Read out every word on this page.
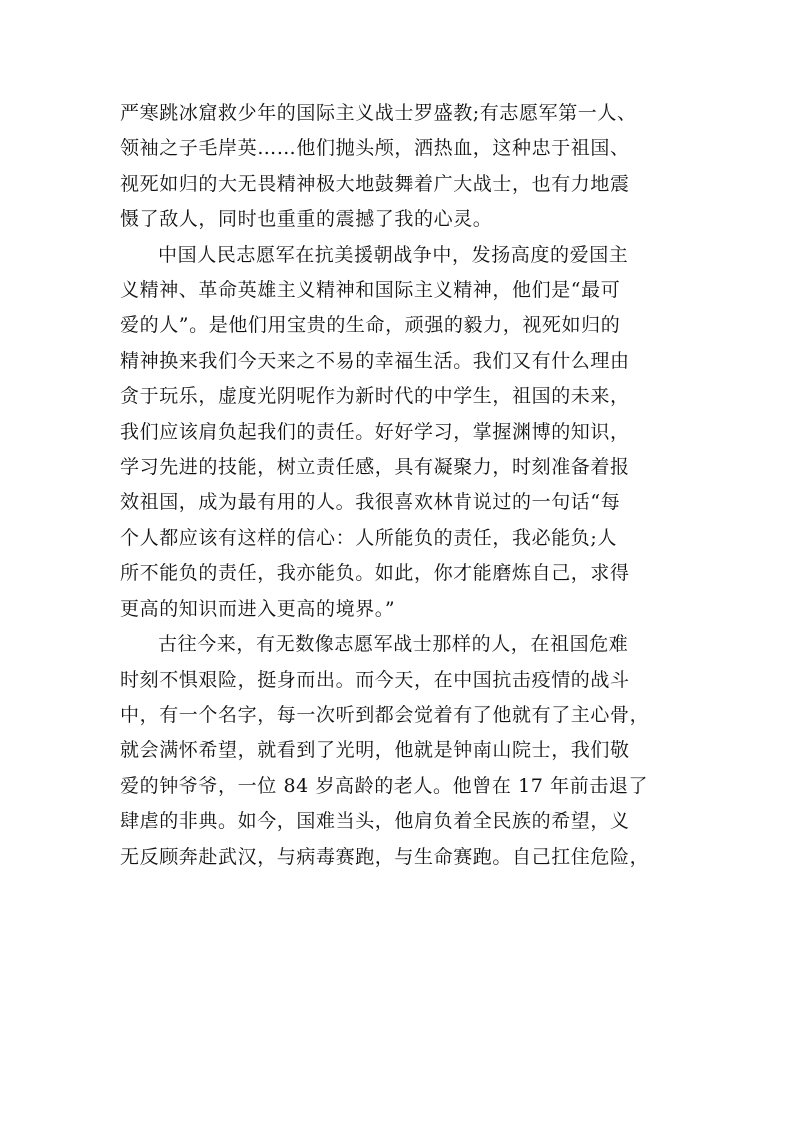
严寒跳冰窟救少年的国际主义战士罗盛教;有志愿军第一人、
领袖之子毛岸英……他们抛头颅，洒热血，这种忠于祖国、
视死如归的大无畏精神极大地鼓舞着广大战士，也有力地震
慑了敌人，同时也重重的震撼了我的心灵。

中国人民志愿军在抗美援朝战争中，发扬高度的爱国主
义精神、革命英雄主义精神和国际主义精神，他们是“最可
爱的人”。是他们用宝贵的生命，顽强的毅力，视死如归的
精神换来我们今天来之不易的幸福生活。我们又有什么理由
贪于玩乐，虚度光阴呢作为新时代的中学生，祖国的未来，
我们应该肩负起我们的责任。好好学习，掌握渊博的知识，
学习先进的技能，树立责任感，具有凝聚力，时刻准备着报
效祖国，成为最有用的人。我很喜欢林肯说过的一句话“每
个人都应该有这样的信心：人所能负的责任，我必能负;人
所不能负的责任，我亦能负。如此，你才能磨炼自己，求得
更高的知识而进入更高的境界。”

古往今来，有无数像志愿军战士那样的人，在祖国危难
时刻不惧艰险，挺身而出。而今天，在中国抗击疫情的战斗
中，有一个名字，每一次听到都会觉着有了他就有了主心骨，
就会满怀希望，就看到了光明，他就是钟南山院士，我们敬
爱的钟爷爷，一位 84 岁高龄的老人。他曾在 17 年前击退了
肆虐的非典。如今，国难当头，他肩负着全民族的希望，义
无反顾奔赴武汉，与病毒赛跑，与生命赛跑。自己扛住危险，
